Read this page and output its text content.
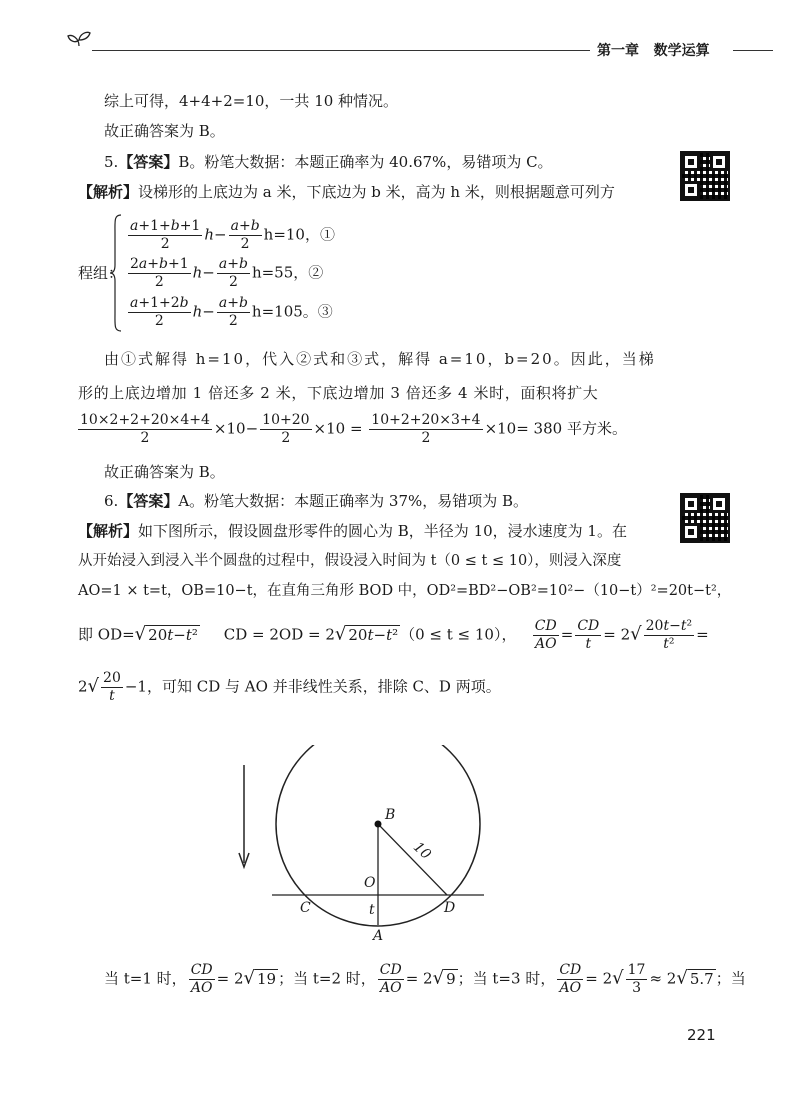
第一章 数学运算
综上可得，4+4+2=10，一共 10 种情况。
故正确答案为 B。
5.【答案】B。粉笔大数据：本题正确率为 40.67%，易错项为 C。
【解析】设梯形的上底边为 a 米，下底边为 b 米，高为 h 米，则根据题意可列方
程组：
$\frac{a+1+b+1}{2} h- \frac{a+b}{2} h=10$，①
$\frac{2a+b+1}{2} h- \frac{a+b}{2} h=55$，②
$\frac{a+1+2b}{2} h- \frac{a+b}{2} h=105$。③
由①式解得 h=10，代入②式和③式，解得 a=10，b=20。因此，当梯
形的上底边增加 1 倍还多 2 米，下底边增加 3 倍还多 4 米时，面积将扩大
$\frac{10\times 2+2+20\times 4+4}{2} \times 10- \frac{10+20}{2} \times 10 = \frac{10+2+20\times 3+4}{2} \times 10= 380$ 平方米。
故正确答案为 B。
6.【答案】A。粉笔大数据：本题正确率为 37%，易错项为 B。
【解析】如下图所示，假设圆盘形零件的圆心为 B，半径为 10，浸水速度为 1。在
从开始浸入到浸入半个圆盘的过程中，假设浸入时间为 t（0 ≤ t ≤ 10），则浸入深度
AO=1 × t=t，OB=10−t，在直角三角形 BOD 中，OD²=BD²−OB²=10²−（10−t）²=20t−t²，
即 OD=√ 20t−t² CD = 2OD = 2√ 20t−t² （0 ≤ t ≤ 10）， $\frac{CD}{AO} = \frac{CD}{t} = 2√ \frac{\text{20t−t²}}{\text{t²}}$ =
$2√ \frac{20}{t} -1$，可知 CD 与 AO 并非线性关系，排除 C、D 两项。
B
O
C	D
t
A
10
当 t=1 时， $\frac{CD}{AO} = 2√$ 19 ；当 t=2 时， $\frac{CD}{AO} = 2√$ 9 ；当 t=3 时， $\frac{CD}{AO} = 2√ \frac{17}{3} \approx 2√$ 5.7 ；当
221
